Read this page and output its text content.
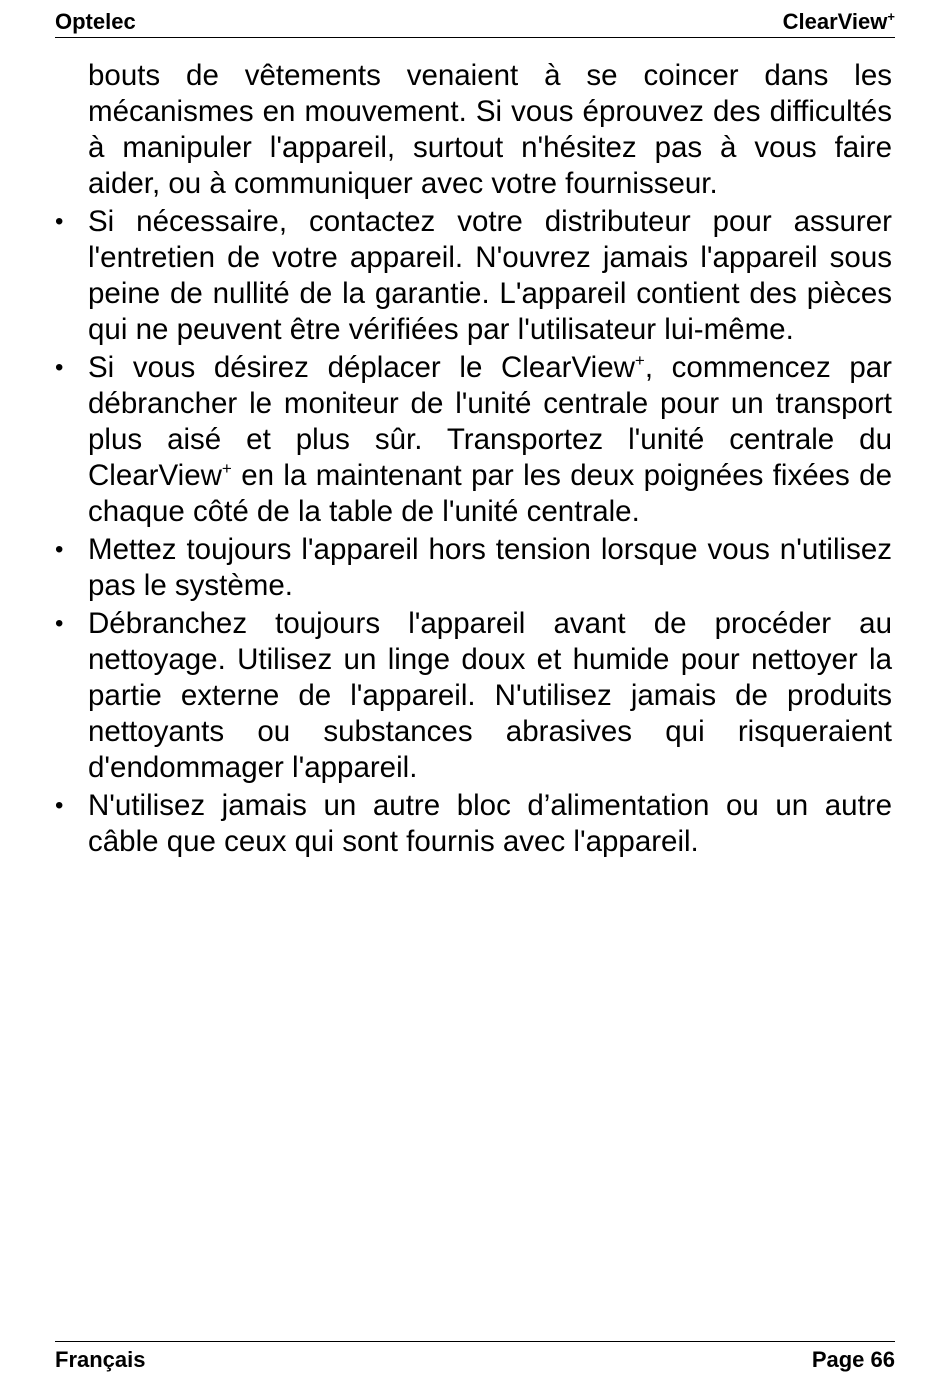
Optelec	ClearView+

bouts de vêtements venaient à se coincer dans les mécanismes en mouvement. Si vous éprouvez des difficultés à manipuler l'appareil, surtout n'hésitez pas à vous faire aider, ou à communiquer avec votre fournisseur.

• Si nécessaire, contactez votre distributeur pour assurer l'entretien de votre appareil. N'ouvrez jamais l'appareil sous peine de nullité de la garantie. L'appareil contient des pièces qui ne peuvent être vérifiées par l'utilisateur lui-même.
• Si vous désirez déplacer le ClearView+, commencez par débrancher le moniteur de l'unité centrale pour un transport plus aisé et plus sûr. Transportez l'unité centrale du ClearView+ en la maintenant par les deux poignées fixées de chaque côté de la table de l'unité centrale.
• Mettez toujours l'appareil hors tension lorsque vous n'utilisez pas le système.
• Débranchez toujours l'appareil avant de procéder au nettoyage. Utilisez un linge doux et humide pour nettoyer la partie externe de l'appareil. N'utilisez jamais de produits nettoyants ou substances abrasives qui risqueraient d'endommager l'appareil.
• N'utilisez jamais un autre bloc d’alimentation ou un autre câble que ceux qui sont fournis avec l'appareil.
Français	Page 66
